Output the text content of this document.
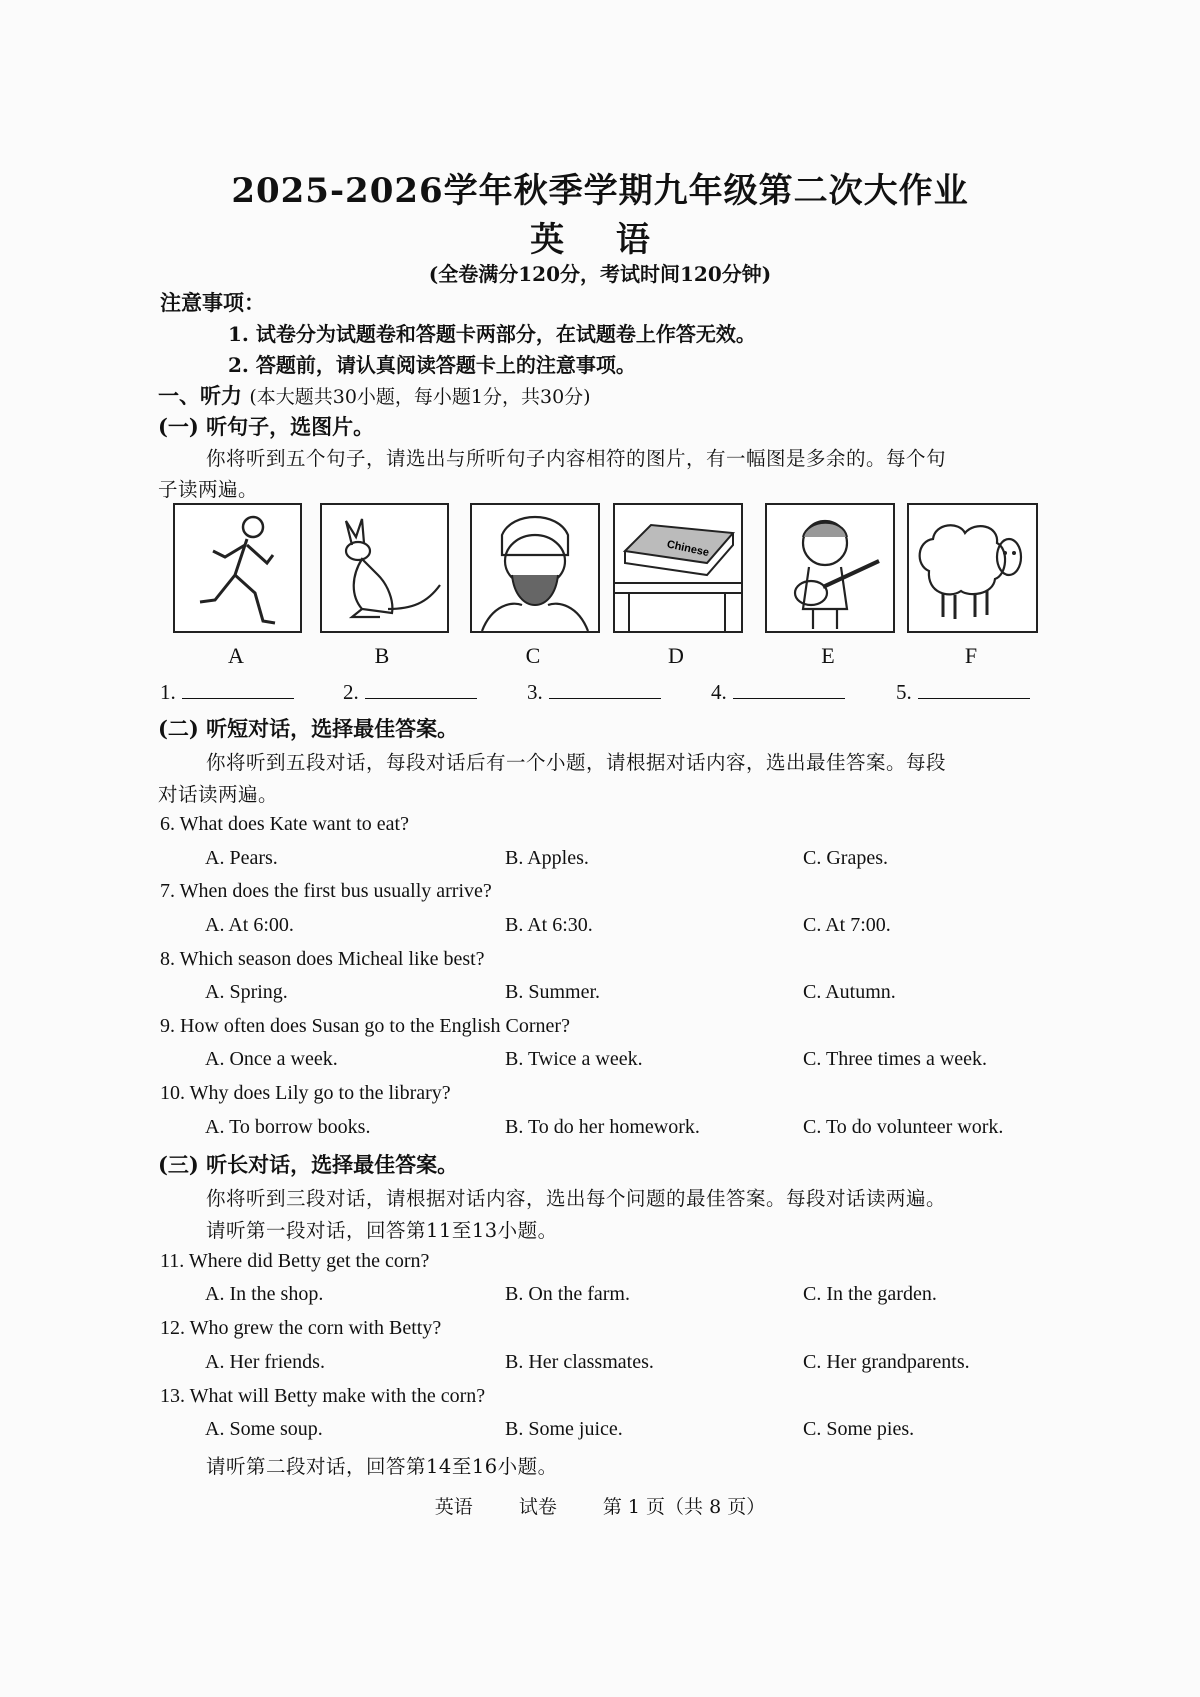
2025-2026学年秋季学期九年级第二次大作业
英 语
(全卷满分120分，考试时间120分钟)
注意事项：
1. 试卷分为试题卷和答题卡两部分，在试题卷上作答无效。
2. 答题前，请认真阅读答题卡上的注意事项。
一、听力 (本大题共30小题，每小题1分，共30分)
(一) 听句子，选图片。
你将听到五个句子，请选出与所听句子内容相符的图片，有一幅图是多余的。每个句
子读两遍。
Chinese
A	B	C	D	E	F
1.	2.	3.	4.	5.
(二) 听短对话，选择最佳答案。
你将听到五段对话，每段对话后有一个小题，请根据对话内容，选出最佳答案。每段
对话读两遍。
6. What does Kate want to eat?
A. Pears.	B. Apples.	C. Grapes.
7. When does the first bus usually arrive?
A. At 6:00.	B. At 6:30.	C. At 7:00.
8. Which season does Micheal like best?
A. Spring.	B. Summer.	C. Autumn.
9. How often does Susan go to the English Corner?
A. Once a week.	B. Twice a week.	C. Three times a week.
10. Why does Lily go to the library?
A. To borrow books.	B. To do her homework.	C. To do volunteer work.
(三) 听长对话，选择最佳答案。
你将听到三段对话，请根据对话内容，选出每个问题的最佳答案。每段对话读两遍。
请听第一段对话，回答第11至13小题。
11. Where did Betty get the corn?
A. In the shop.	B. On the farm.	C. In the garden.
12. Who grew the corn with Betty?
A. Her friends.	B. Her classmates.	C. Her grandparents.
13. What will Betty make with the corn?
A. Some soup.	B. Some juice.	C. Some pies.
请听第二段对话，回答第14至16小题。
英语 试卷 第 1 页（共 8 页）
